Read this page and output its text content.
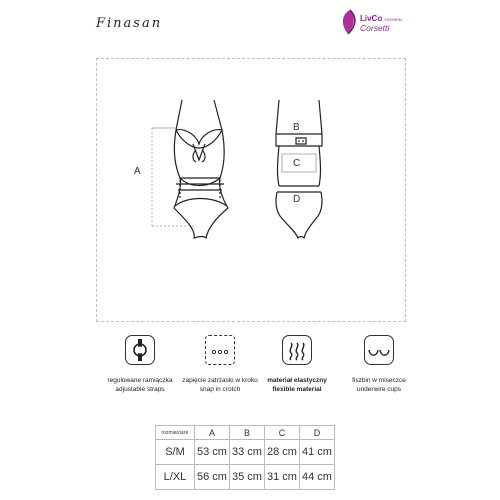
Finasan	LivCo FASHION
Corsetti
A
B
C
D
regulowane ramiączka
adjustable straps
zapięcie zatrzaski w kroku
snap in crotch
materiał elastyczny
flexible material
fiszbin w miseczce
underwire cups
rozmiar/size	A	B	C	D
S/M	53 cm	33 cm	28 cm	41 cm
L/XL	56 cm	35 cm	31 cm	44 cm
